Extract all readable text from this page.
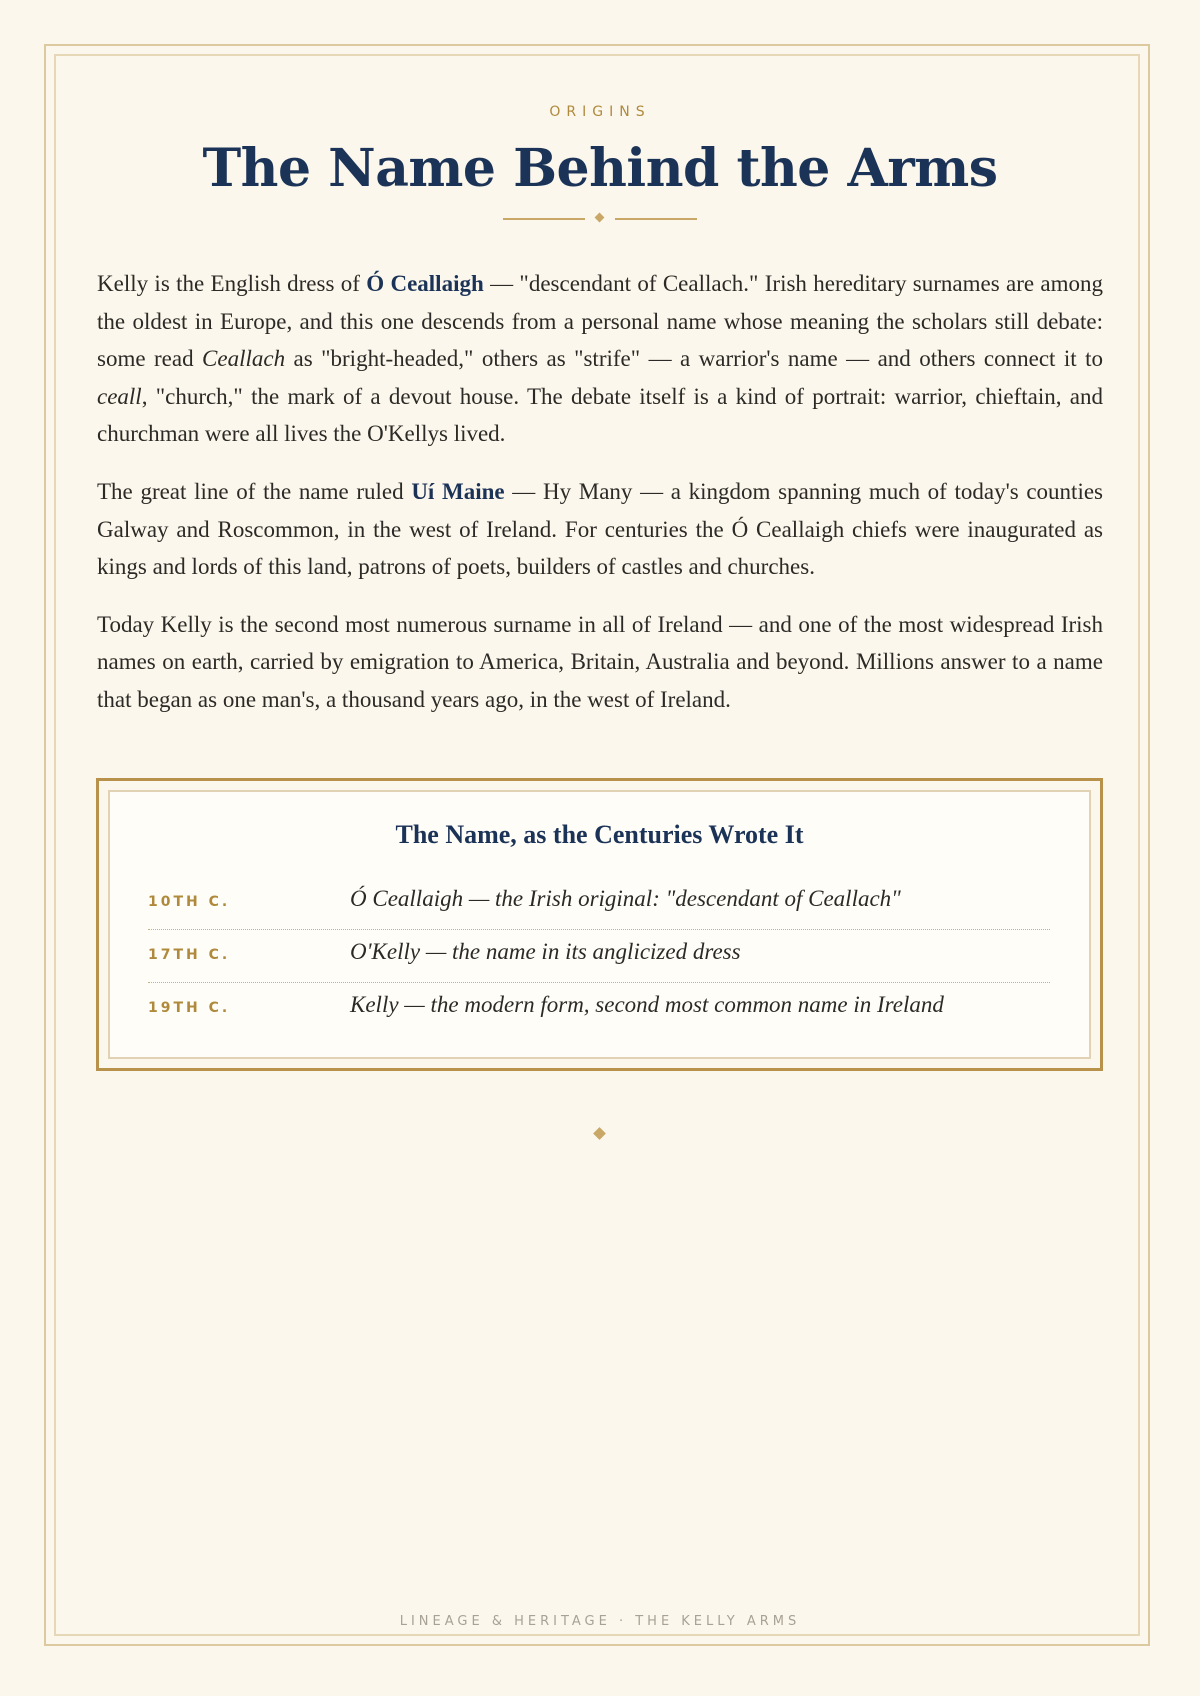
ORIGINS
The Name Behind the Arms

Kelly is the English dress of Ó Ceallaigh — "descendant of Ceallach." Irish hereditary surnames are among the oldest in Europe, and this one descends from a personal name whose meaning the scholars still debate: some read Ceallach as "bright-headed," others as "strife" — a warrior's name — and others connect it to ceall, "church," the mark of a devout house. The debate itself is a kind of portrait: warrior, chieftain, and churchman were all lives the O'Kellys lived.

The great line of the name ruled Uí Maine — Hy Many — a kingdom spanning much of today's counties Galway and Roscommon, in the west of Ireland. For centuries the Ó Ceallaigh chiefs were inaugurated as kings and lords of this land, patrons of poets, builders of castles and churches.

Today Kelly is the second most numerous surname in all of Ireland — and one of the most widespread Irish names on earth, carried by emigration to America, Britain, Australia and beyond. Millions answer to a name that began as one man's, a thousand years ago, in the west of Ireland.

The Name, as the Centuries Wrote It
10TH C.	Ó Ceallaigh — the Irish original: "descendant of Ceallach"
17TH C.	O'Kelly — the name in its anglicized dress
19TH C.	Kelly — the modern form, second most common name in Ireland
LINEAGE & HERITAGE · THE KELLY ARMS
